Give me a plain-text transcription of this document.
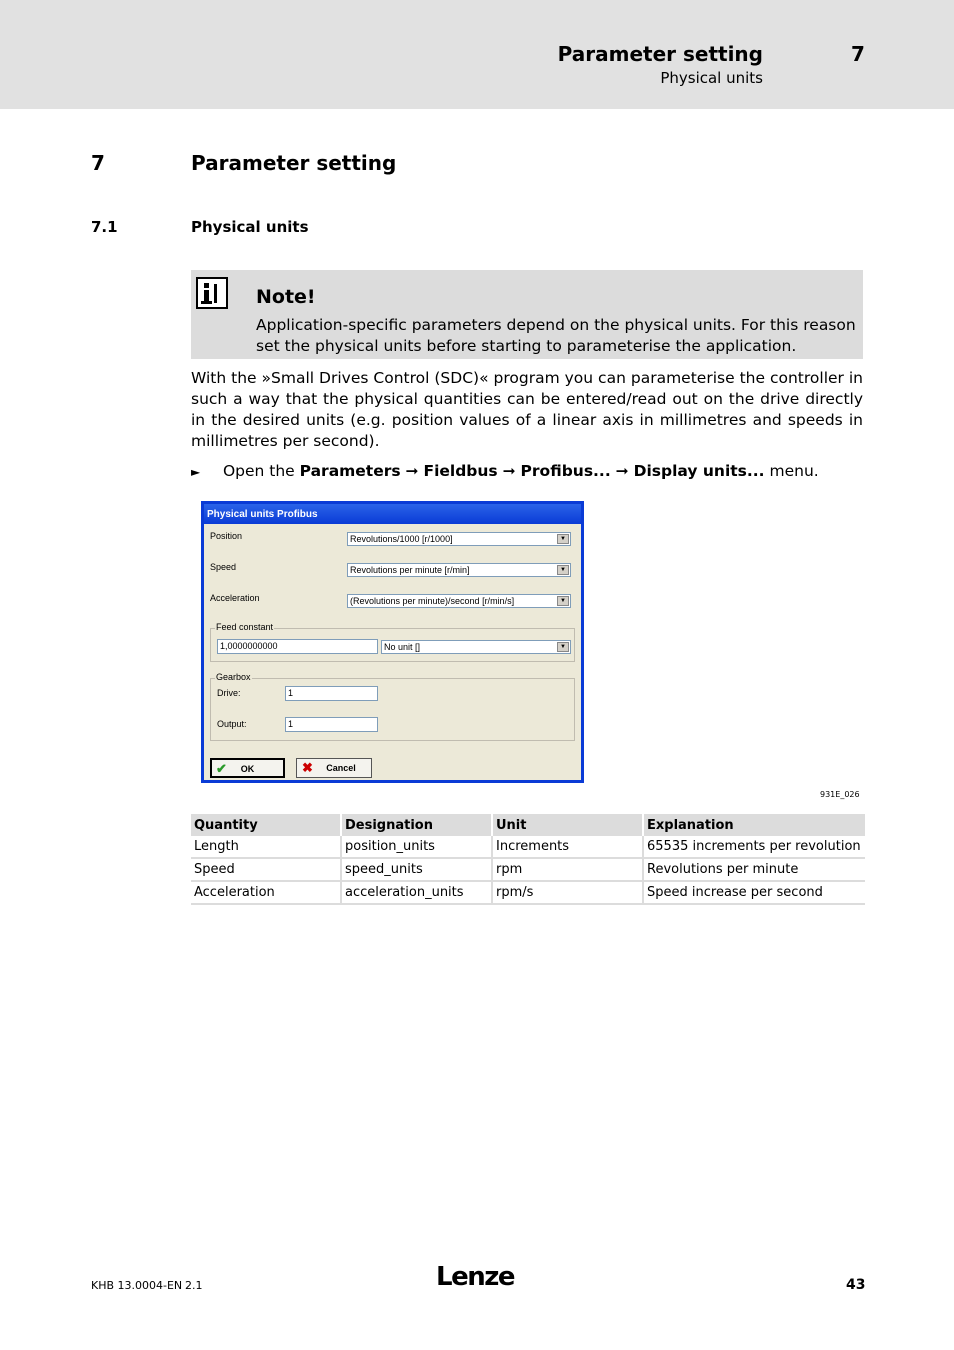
Parameter setting	7
Physical units
7	Parameter setting
7.1	Physical units
Note!
Application-specific parameters depend on the physical units. For this reason set the physical units before starting to parameterise the application.
With the »Small Drives Control (SDC)« program you can parameterise the controller in such a way that the physical quantities can be entered/read out on the drive directly in the desired units (e.g. position values of a linear axis in millimetres and speeds in millimetres per second).
► Open the Parameters ➞ Fieldbus ➞ Profibus... ➞ Display units... menu.
Physical units Profibus
Position	Revolutions/1000 [r/1000]	▼
Speed	Revolutions per minute [r/min]	▼
Acceleration	(Revolutions per minute)/second [r/min/s]	▼
Feed constant
1,0000000000	No unit []	▼
Gearbox
Drive:	1
Output:	1
✔ OK	✖ Cancel
931E_026
Quantity	Designation	Unit	Explanation
Length	position_units	Increments	65535 increments per revolution
Speed	speed_units	rpm	Revolutions per minute
Acceleration	acceleration_units	rpm/s	Speed increase per second
KHB 13.0004-EN 2.1	Lenze	43
